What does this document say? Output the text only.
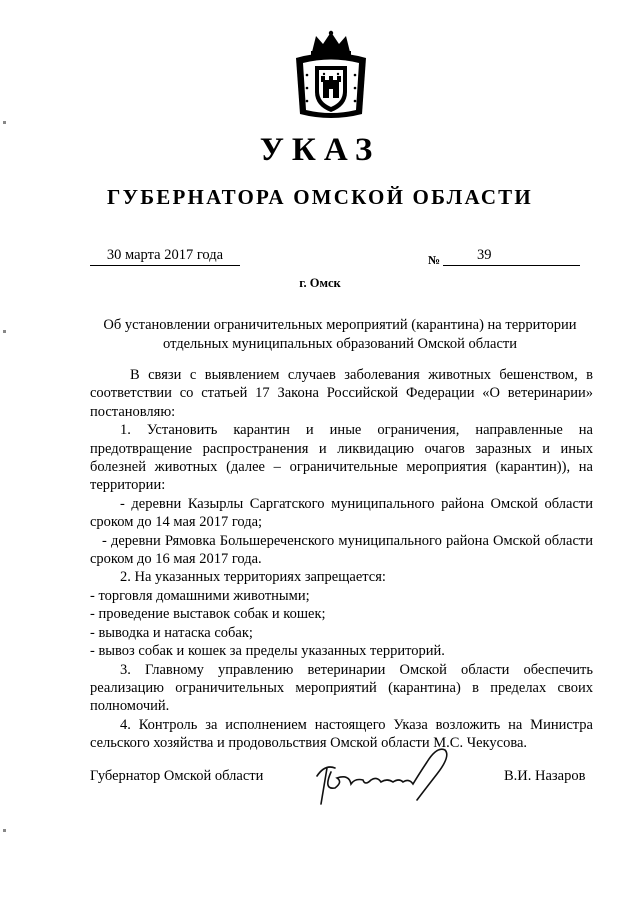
УКАЗ
ГУБЕРНАТОРА ОМСКОЙ ОБЛАСТИ
30 марта 2017 года	№	39
г. Омск
Об установлении ограничительных мероприятий (карантина) на территории
отдельных муниципальных образований Омской области

В связи с выявлением случаев заболевания животных бешенством, в соответствии со статьей 17 Закона Российской Федерации «О ветеринарии» постановляю:

1. Установить карантин и иные ограничения, направленные на предотвращение распространения и ликвидацию очагов заразных и иных болезней животных (далее – ограничительные мероприятия (карантин)), на территории:

- деревни Казырлы Саргатского муниципального района Омской области сроком до 14 мая 2017 года;

- деревни Рямовка Большереченского муниципального района Омской области сроком до 16 мая 2017 года.

2. На указанных территориях запрещается:

- торговля домашними животными;

- проведение выставок собак и кошек;

- выводка и натаска собак;

- вывоз собак и кошек за пределы указанных территорий.

3. Главному управлению ветеринарии Омской области обеспечить реализацию ограничительных мероприятий (карантина) в пределах своих полномочий.

4. Контроль за исполнением настоящего Указа возложить на Министра сельского хозяйства и продовольствия Омской области М.С. Чекусова.

Губернатор Омской области	В.И. Назаров
